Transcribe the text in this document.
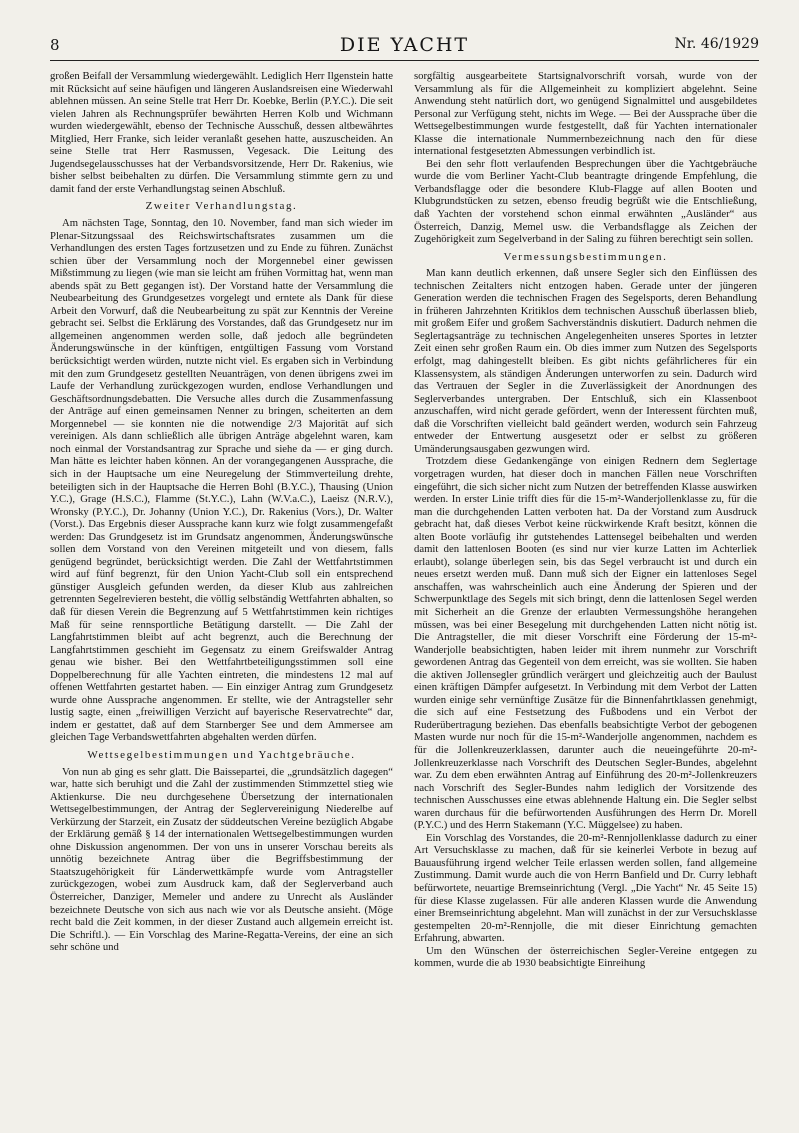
8	DIE YACHT	Nr. 46/1929

großen Beifall der Versammlung wiedergewählt. Lediglich Herr Ilgenstein hatte mit Rücksicht auf seine häufigen und längeren Auslandsreisen eine Wiederwahl ablehnen müssen. An seine Stelle trat Herr Dr. Koebke, Berlin (P.Y.C.). Die seit vielen Jahren als Rechnungsprüfer bewährten Herren Kolb und Wichmann wurden wiedergewählt, ebenso der Technische Ausschuß, dessen altbewährtes Mitglied, Herr Franke, sich leider veranlaßt gesehen hatte, auszuscheiden. An seine Stelle trat Herr Rasmussen, Vegesack. Die Leitung des Jugendsegelausschusses hat der Verbandsvorsitzende, Herr Dr. Rakenius, wie bisher selbst beibehalten zu dürfen. Die Versammlung stimmte gern zu und damit fand der erste Verhandlungstag seinen Abschluß.

Zweiter Verhandlungstag.

Am nächsten Tage, Sonntag, den 10. November, fand man sich wieder im Plenar-Sitzungssaal des Reichswirtschaftsrates zusammen um die Verhandlungen des ersten Tages fortzusetzen und zu Ende zu führen. Zunächst schien über der Versammlung noch der Morgennebel einer gewissen Mißstimmung zu liegen (wie man sie leicht am frühen Vormittag hat, wenn man abends spät zu Bett gegangen ist). Der Vorstand hatte der Versammlung die Neubearbeitung des Grundgesetzes vorgelegt und erntete als Dank für diese Arbeit den Vorwurf, daß die Neubearbeitung zu spät zur Kenntnis der Vereine gebracht sei. Selbst die Erklärung des Vorstandes, daß das Grundgesetz nur im allgemeinen angenommen werden solle, daß jedoch alle begründeten Änderungswünsche in der künftigen, entgültigen Fassung vom Vorstand berücksichtigt werden würden, nutzte nicht viel. Es ergaben sich in Verbindung mit den zum Grundgesetz gestellten Neuanträgen, von denen übrigens zwei im Laufe der Verhandlung zurückgezogen wurden, endlose Verhandlungen und Geschäftsordnungsdebatten. Die Versuche alles durch die Zusammenfassung der Anträge auf einen gemeinsamen Nenner zu bringen, scheiterten an dem Morgennebel — sie konnten nie die notwendige 2/3 Majorität auf sich vereinigen. Als dann schließlich alle übrigen Anträge abgelehnt waren, kam noch einmal der Vorstandsantrag zur Sprache und siehe da — er ging durch. Man hätte es leichter haben können. An der vorangegangenen Aussprache, die sich in der Hauptsache um eine Neuregelung der Stimmverteilung drehte, beteiligten sich in der Hauptsache die Herren Bohl (B.Y.C.), Thausing (Union Y.C.), Grage (H.S.C.), Flamme (St.Y.C.), Lahn (W.V.a.C.), Laeisz (N.R.V.), Wronsky (P.Y.C.), Dr. Johanny (Union Y.C.), Dr. Rakenius (Vors.), Dr. Walter (Vorst.). Das Ergebnis dieser Aussprache kann kurz wie folgt zusammengefaßt werden: Das Grundgesetz ist im Grundsatz angenommen, Änderungswünsche sollen dem Vorstand von den Vereinen mitgeteilt und von diesem, falls genügend begründet, berücksichtigt werden. Die Zahl der Wettfahrtstimmen wird auf fünf begrenzt, für den Union Yacht-Club soll ein entsprechend günstiger Ausgleich gefunden werden, da dieser Klub aus zahlreichen getrennten Segelrevieren besteht, die völlig selbständig Wettfahrten abhalten, so daß für diesen Verein die Begrenzung auf 5 Wettfahrtstimmen kein richtiges Maß für seine rennsportliche Betätigung darstellt. — Die Zahl der Langfahrtstimmen bleibt auf acht begrenzt, auch die Berechnung der Langfahrtstimmen geschieht im Gegensatz zu einem Greifswalder Antrag genau wie bisher. Bei den Wettfahrtbeteiligungsstimmen soll eine Doppelberechnung für alle Yachten eintreten, die mindestens 12 mal auf offenen Wettfahrten gestartet haben. — Ein einziger Antrag zum Grundgesetz wurde ohne Aussprache angenommen. Er stellte, wie der Antragsteller sehr lustig sagte, einen „freiwilligen Verzicht auf bayerische Reservatrechte“ dar, indem er gestattet, daß auf dem Starnberger See und dem Ammersee am gleichen Tage Verbandswettfahrten abgehalten werden dürfen.

Wettsegelbestimmungen und Yachtgebräuche.

Von nun ab ging es sehr glatt. Die Baissepartei, die „grundsätzlich dagegen“ war, hatte sich beruhigt und die Zahl der zustimmenden Stimmzettel stieg wie Aktienkurse. Die neu durchgesehene Übersetzung der internationalen Wettsegelbestimmungen, der Antrag der Seglervereinigung Niederelbe auf Verkürzung der Starzeit, ein Zusatz der süddeutschen Vereine bezüglich Abgabe der Erklärung gemäß § 14 der internationalen Wettsegelbestimmungen wurden ohne Diskussion angenommen. Der von uns in unserer Vorschau bereits als unnötig bezeichnete Antrag über die Begriffsbestimmung der Staatszugehörigkeit für Länderwettkämpfe wurde vom Antragsteller zurückgezogen, wobei zum Ausdruck kam, daß der Seglerverband auch Österreicher, Danziger, Memeler und andere zu Unrecht als Ausländer bezeichnete Deutsche von sich aus nach wie vor als Deutsche ansieht. (Möge recht bald die Zeit kommen, in der dieser Zustand auch allgemein erreicht ist. Die Schriftl.). — Ein Vorschlag des Marine-Regatta-Vereins, der eine an sich sehr schöne und

sorgfältig ausgearbeitete Startsignalvorschrift vorsah, wurde von der Versammlung als für die Allgemeinheit zu kompliziert abgelehnt. Seine Anwendung steht natürlich dort, wo genügend Signalmittel und ausgebildetes Personal zur Verfügung steht, nichts im Wege. — Bei der Aussprache über die Wettsegelbestimmungen wurde festgestellt, daß für Yachten internationaler Klasse die internationale Nummernbezeichnung nach den für diese international festgesetzten Abmessungen verbindlich ist.

Bei den sehr flott verlaufenden Besprechungen über die Yachtgebräuche wurde die vom Berliner Yacht-Club beantragte dringende Empfehlung, die Verbandsflagge oder die besondere Klub-Flagge auf allen Booten und Klubgrundstücken zu setzen, ebenso freudig begrüßt wie die Entschließung, daß Yachten der vorstehend schon einmal erwähnten „Ausländer“ aus Österreich, Danzig, Memel usw. die Verbandsflagge als Zeichen der Zugehörigkeit zum Segelverband in der Saling zu führen berechtigt sein sollen.

Vermessungsbestimmungen.

Man kann deutlich erkennen, daß unsere Segler sich den Einflüssen des technischen Zeitalters nicht entzogen haben. Gerade unter der jüngeren Generation werden die technischen Fragen des Segelsports, deren Behandlung in früheren Jahrzehnten Kritiklos dem technischen Ausschuß überlassen blieb, mit großem Eifer und großem Sachverständnis diskutiert. Dadurch nehmen die Seglertagsanträge zu technischen Angelegenheiten unseres Sportes in letzter Zeit einen sehr großen Raum ein. Ob dies immer zum Nutzen des Segelsports erfolgt, mag dahingestellt bleiben. Es gibt nichts gefährlicheres für ein Klassensystem, als ständigen Änderungen unterworfen zu sein. Dadurch wird das Vertrauen der Segler in die Zuverlässigkeit der Anordnungen des Seglerverbandes untergraben. Der Entschluß, sich ein Klassenboot anzuschaffen, wird nicht gerade gefördert, wenn der Interessent fürchten muß, daß die Vorschriften vielleicht bald geändert werden, wodurch sein Fahrzeug entweder der Entwertung ausgesetzt oder er selbst zu größeren Umänderungsausgaben gezwungen wird.

Trotzdem diese Gedankengänge von einigen Rednern dem Seglertage vorgetragen wurden, hat dieser doch in manchen Fällen neue Vorschriften eingeführt, die sich sicher nicht zum Nutzen der betreffenden Klasse auswirken werden. In erster Linie trifft dies für die 15-m²-Wanderjollenklasse zu, für die man die durchgehenden Latten verboten hat. Da der Vorstand zum Ausdruck gebracht hat, daß dieses Verbot keine rückwirkende Kraft besitzt, können die alten Boote vorläufig ihr gutstehendes Lattensegel beibehalten und werden damit den lattenlosen Booten (es sind nur vier kurze Latten im Achterliek erlaubt), solange überlegen sein, bis das Segel verbraucht ist und durch ein neues ersetzt werden muß. Dann muß sich der Eigner ein lattenloses Segel anschaffen, was wahrscheinlich auch eine Änderung der Spieren und der Schwerpunktlage des Segels mit sich bringt, denn die lattenlosen Segel werden mit Sicherheit an die Grenze der erlaubten Vermessungshöhe herangehen müssen, was bei einer Besegelung mit durchgehenden Latten nicht nötig ist. Die Antragsteller, die mit dieser Vorschrift eine Förderung der 15-m²-Wanderjolle beabsichtigten, haben leider mit ihrem nunmehr zur Vorschrift gewordenen Antrag das Gegenteil von dem erreicht, was sie wollten. Sie haben die aktiven Jollensegler gründlich verärgert und gleichzeitig auch der Baulust einen kräftigen Dämpfer aufgesetzt. In Verbindung mit dem Verbot der Latten wurden einige sehr vernünftige Zusätze für die Binnenfahrtklassen genehmigt, die sich auf eine Festsetzung des Fußbodens und ein Verbot der Ruderübertragung beziehen. Das ebenfalls beabsichtigte Verbot der gebogenen Masten wurde nur noch für die 15-m²-Wanderjolle angenommen, nachdem es für die Jollenkreuzerklassen, darunter auch die neueingeführte 20-m²-Jollenkreuzerklasse nach Vorschrift des Deutschen Segler-Bundes, abgelehnt war. Zu dem eben erwähnten Antrag auf Einführung des 20-m²-Jollenkreuzers nach Vorschrift des Segler-Bundes nahm lediglich der Vorsitzende des technischen Ausschusses eine etwas ablehnende Haltung ein. Die Segler selbst waren durchaus für die befürwortenden Ausführungen des Herrn Dr. Morell (P.Y.C.) und des Herrn Stakemann (Y.C. Müggelsee) zu haben.

Ein Vorschlag des Vorstandes, die 20-m²-Rennjollenklasse dadurch zu einer Art Versuchsklasse zu machen, daß für sie keinerlei Verbote in bezug auf Bauausführung irgend welcher Teile erlassen werden sollen, fand allgemeine Zustimmung. Damit wurde auch die von Herrn Banfield und Dr. Curry lebhaft befürwortete, neuartige Bremseinrichtung (Vergl. „Die Yacht“ Nr. 45 Seite 15) für diese Klasse zugelassen. Für alle anderen Klassen wurde die Anwendung einer Bremseinrichtung abgelehnt. Man will zunächst in der zur Versuchsklasse gestempelten 20-m²-Rennjolle, die mit dieser Einrichtung gemachten Erfahrung, abwarten.

Um den Wünschen der österreichischen Segler-Vereine entgegen zu kommen, wurde die ab 1930 beabsichtigte Einreihung
